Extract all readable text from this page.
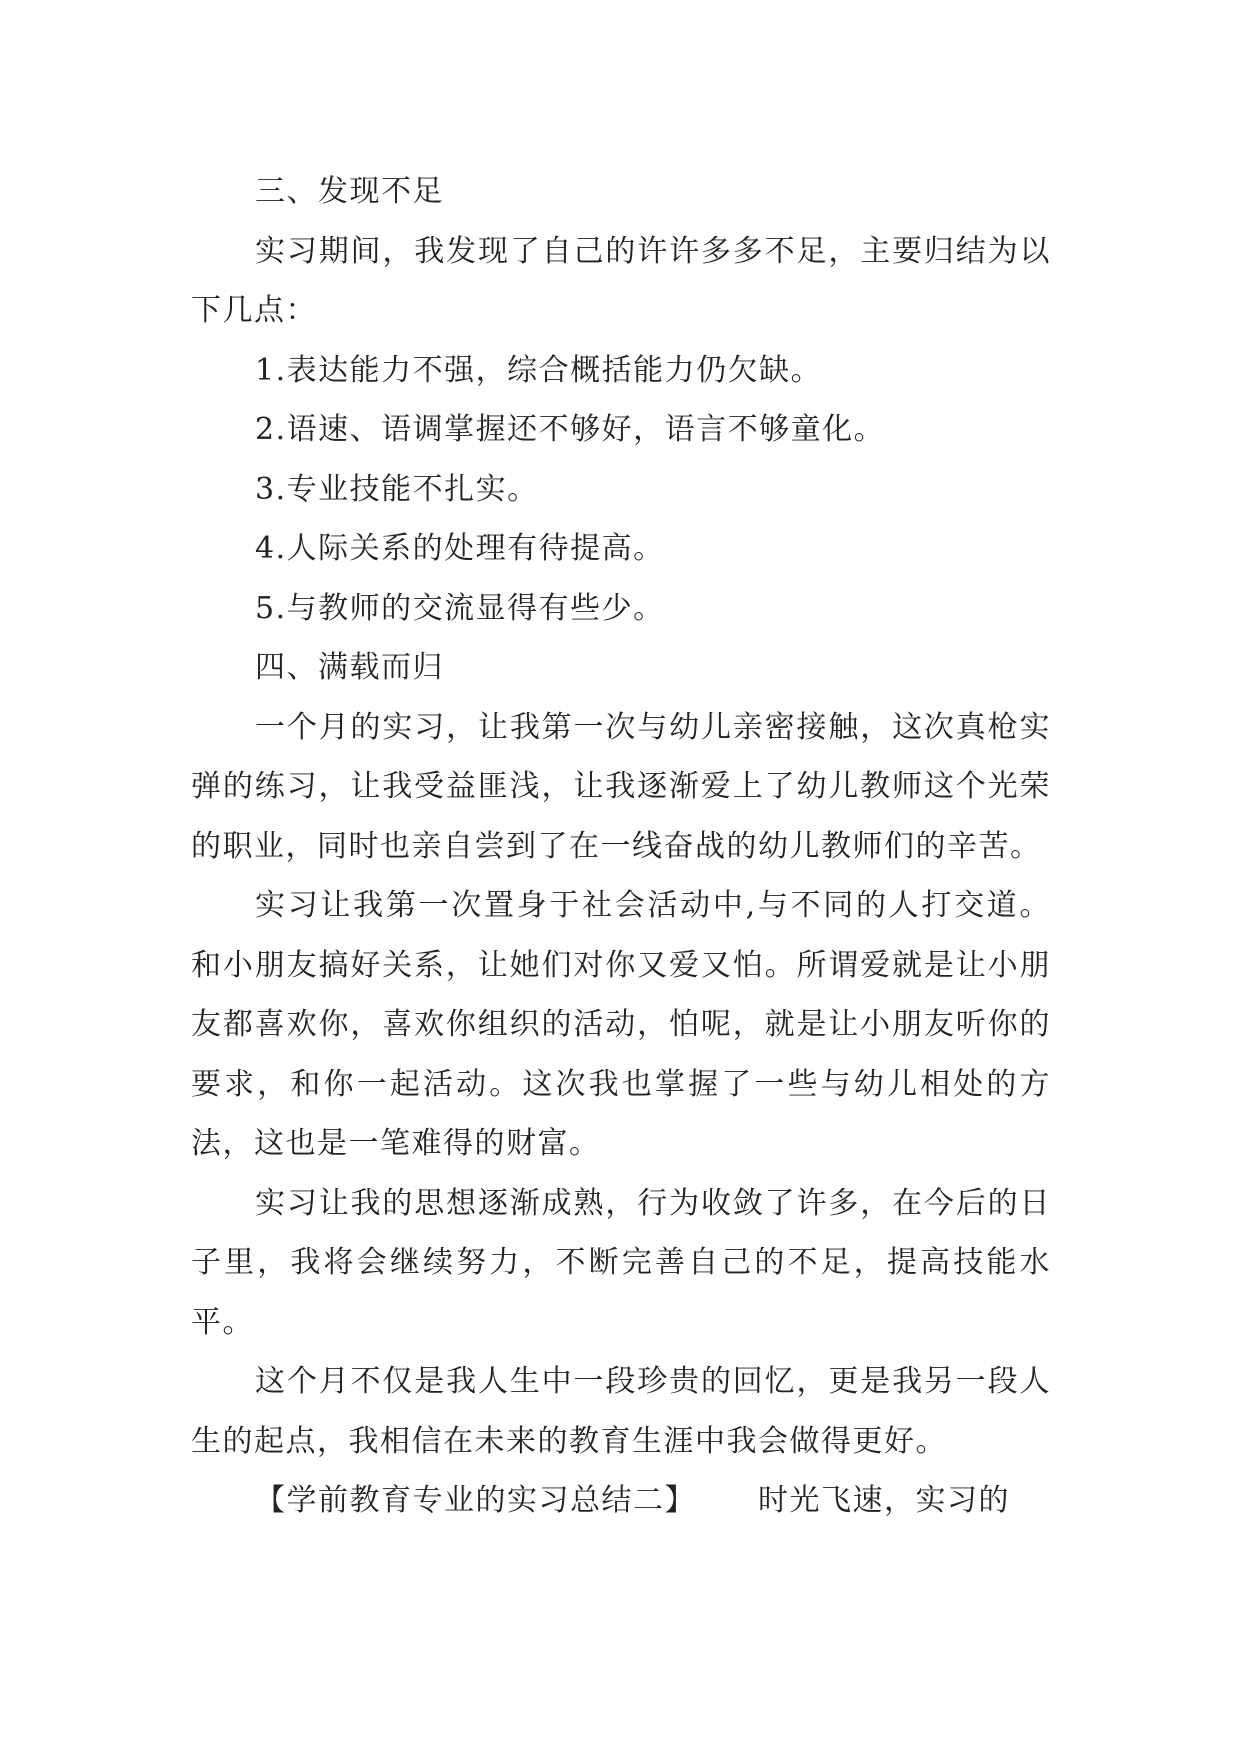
三、发现不足

实习期间，我发现了自己的许许多多不足，主要归结为以下几点：

1.表达能力不强，综合概括能力仍欠缺。

2.语速、语调掌握还不够好，语言不够童化。

3.专业技能不扎实。

4.人际关系的处理有待提高。

5.与教师的交流显得有些少。

四、满载而归

一个月的实习，让我第一次与幼儿亲密接触，这次真枪实弹的练习，让我受益匪浅，让我逐渐爱上了幼儿教师这个光荣的职业，同时也亲自尝到了在一线奋战的幼儿教师们的辛苦。

实习让我第一次置身于社会活动中,与不同的人打交道。和小朋友搞好关系，让她们对你又爱又怕。所谓爱就是让小朋友都喜欢你，喜欢你组织的活动，怕呢，就是让小朋友听你的要求，和你一起活动。这次我也掌握了一些与幼儿相处的方法，这也是一笔难得的财富。

实习让我的思想逐渐成熟，行为收敛了许多，在今后的日子里，我将会继续努力，不断完善自己的不足，提高技能水平。

这个月不仅是我人生中一段珍贵的回忆，更是我另一段人生的起点，我相信在未来的教育生涯中我会做得更好。

【学前教育专业的实习总结二】 时光飞速，实习的
